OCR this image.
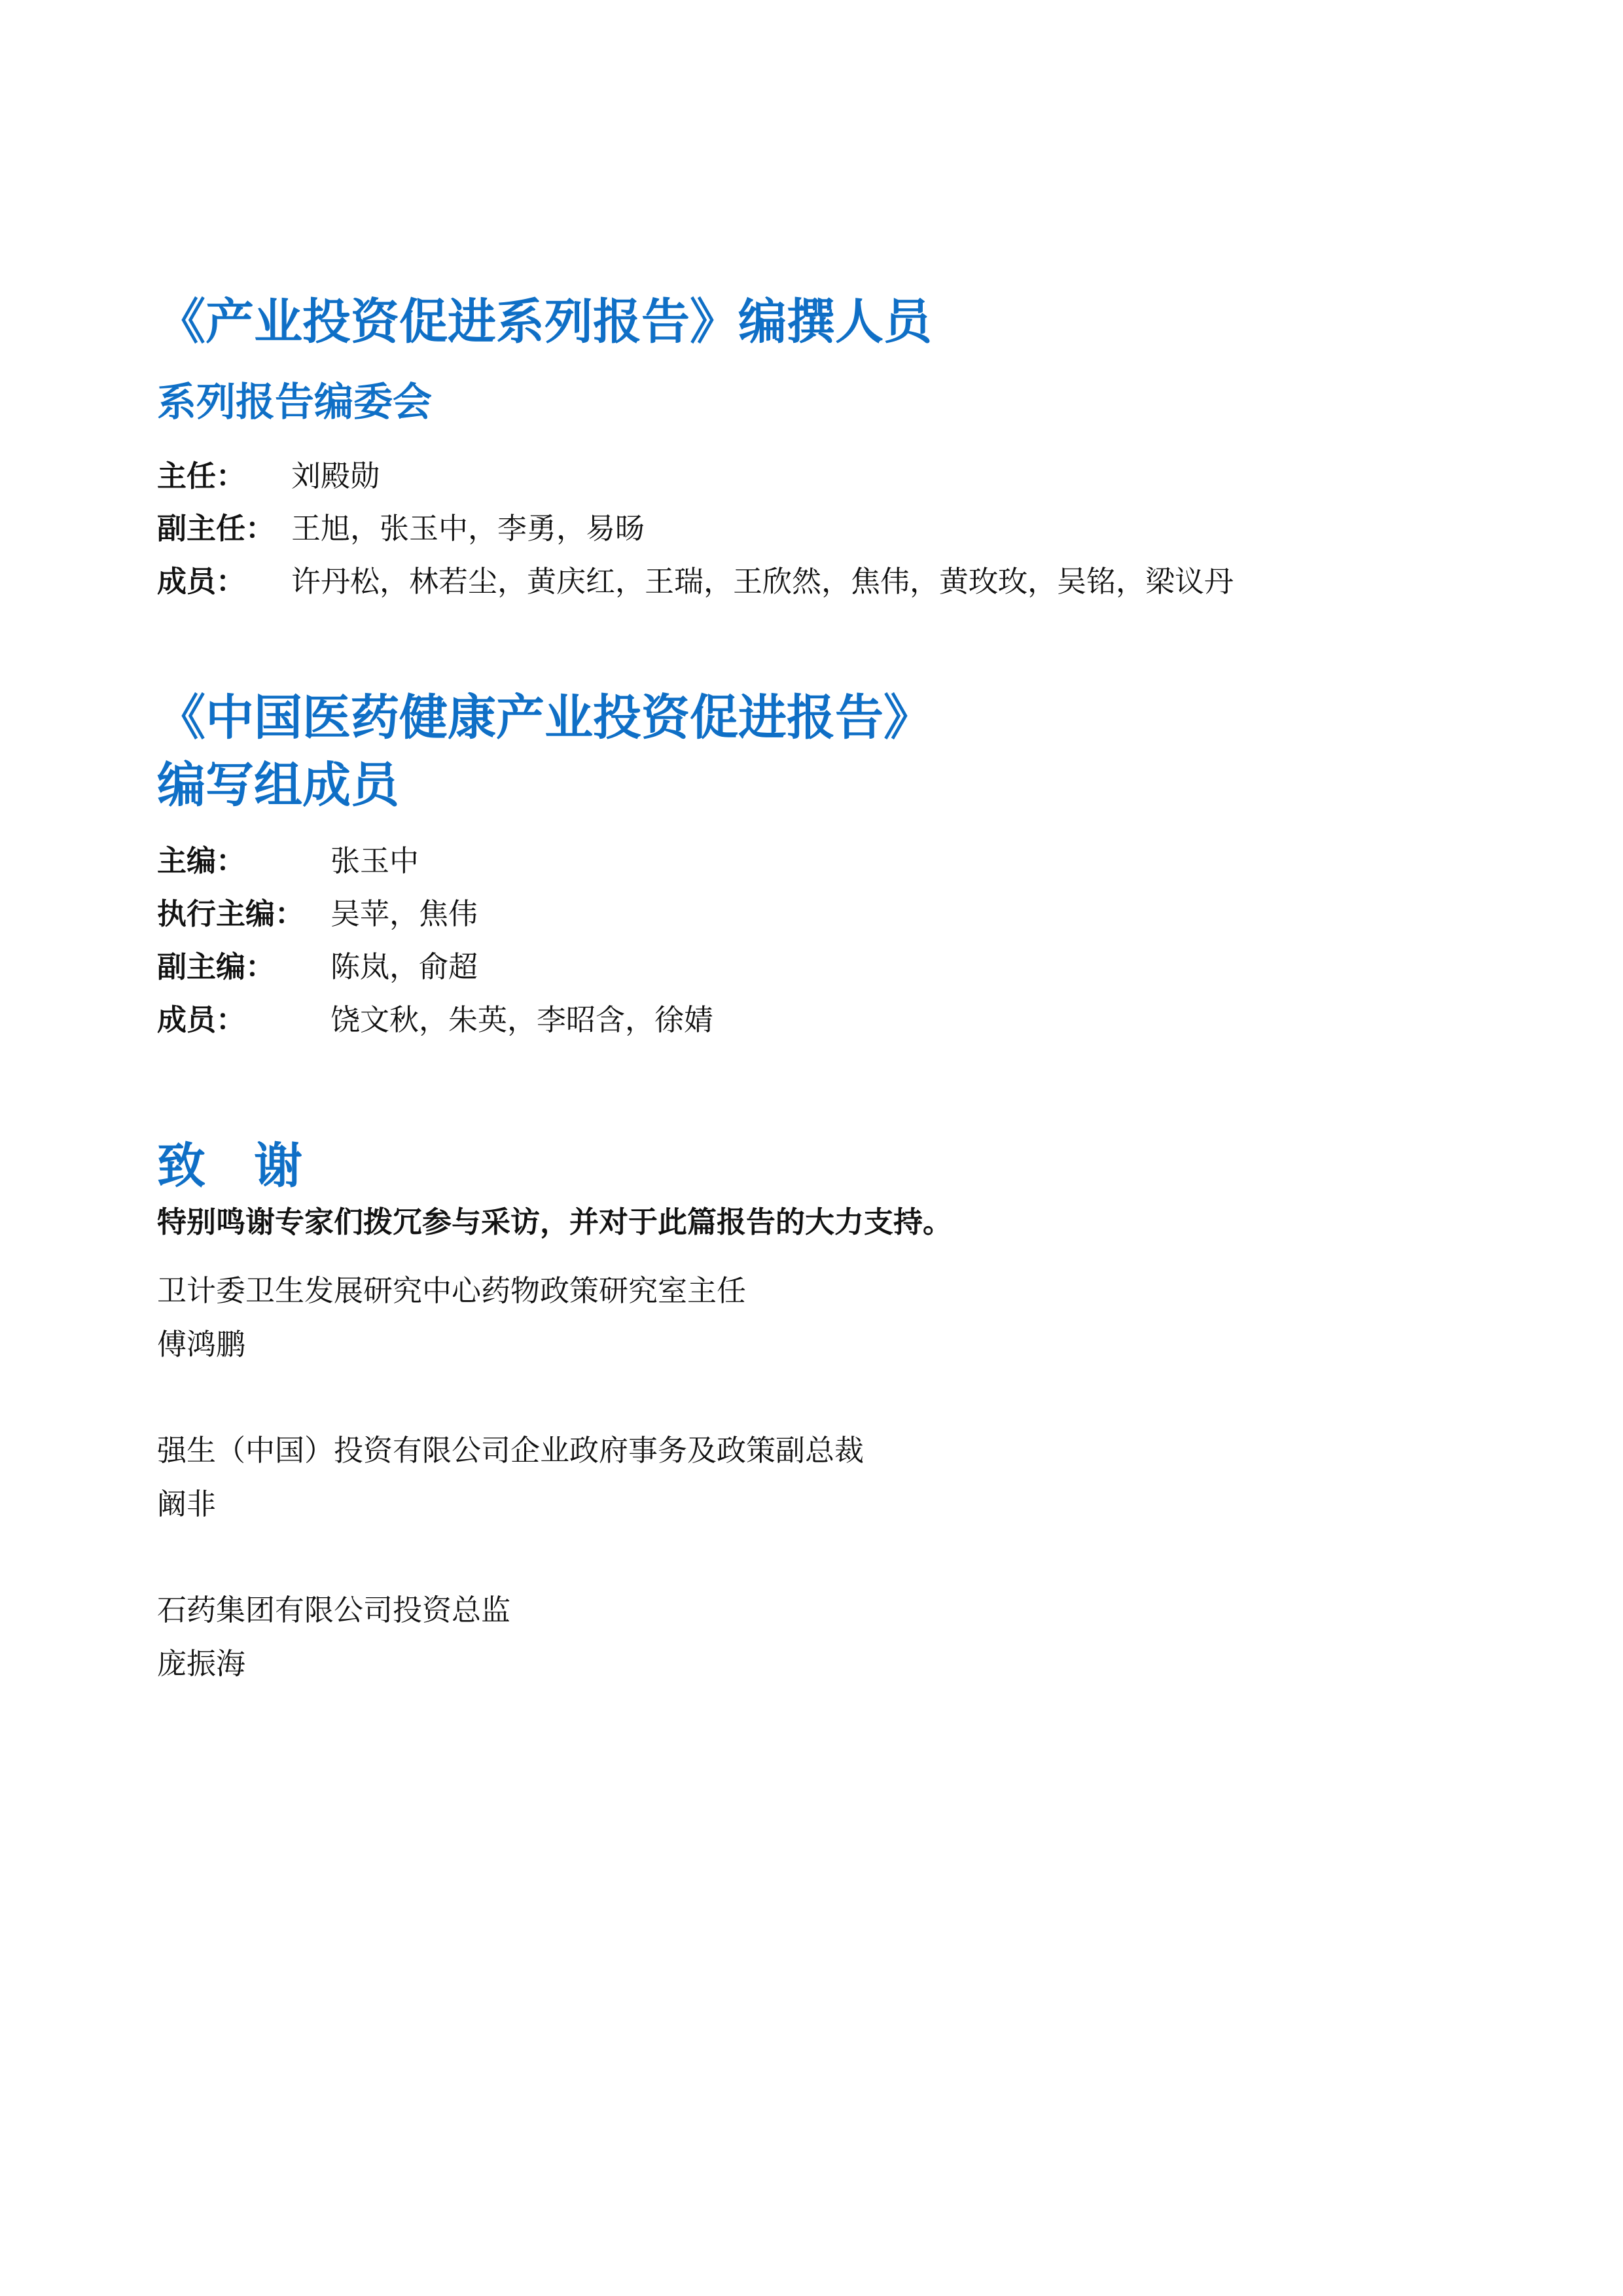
《产业投资促进系列报告》编撰人员
系列报告编委会
主任： 刘殿勋
副主任： 王旭，张玉中，李勇，易旸
成员： 许丹松，林若尘，黄庆红，王瑞，王欣然，焦伟，黄玫玫，吴铭，梁议丹
《中国医药健康产业投资促进报告》
编写组成员
主编：	张玉中
执行主编： 吴苹，焦伟
副主编： 陈岚，俞超
成员：	饶文秋，朱英，李昭含，徐婧
致　谢
特别鸣谢专家们拨冗参与采访，并对于此篇报告的大力支持。
卫计委卫生发展研究中心药物政策研究室主任
傅鸿鹏
强生（中国）投资有限公司企业政府事务及政策副总裁
阚非
石药集团有限公司投资总监
庞振海
